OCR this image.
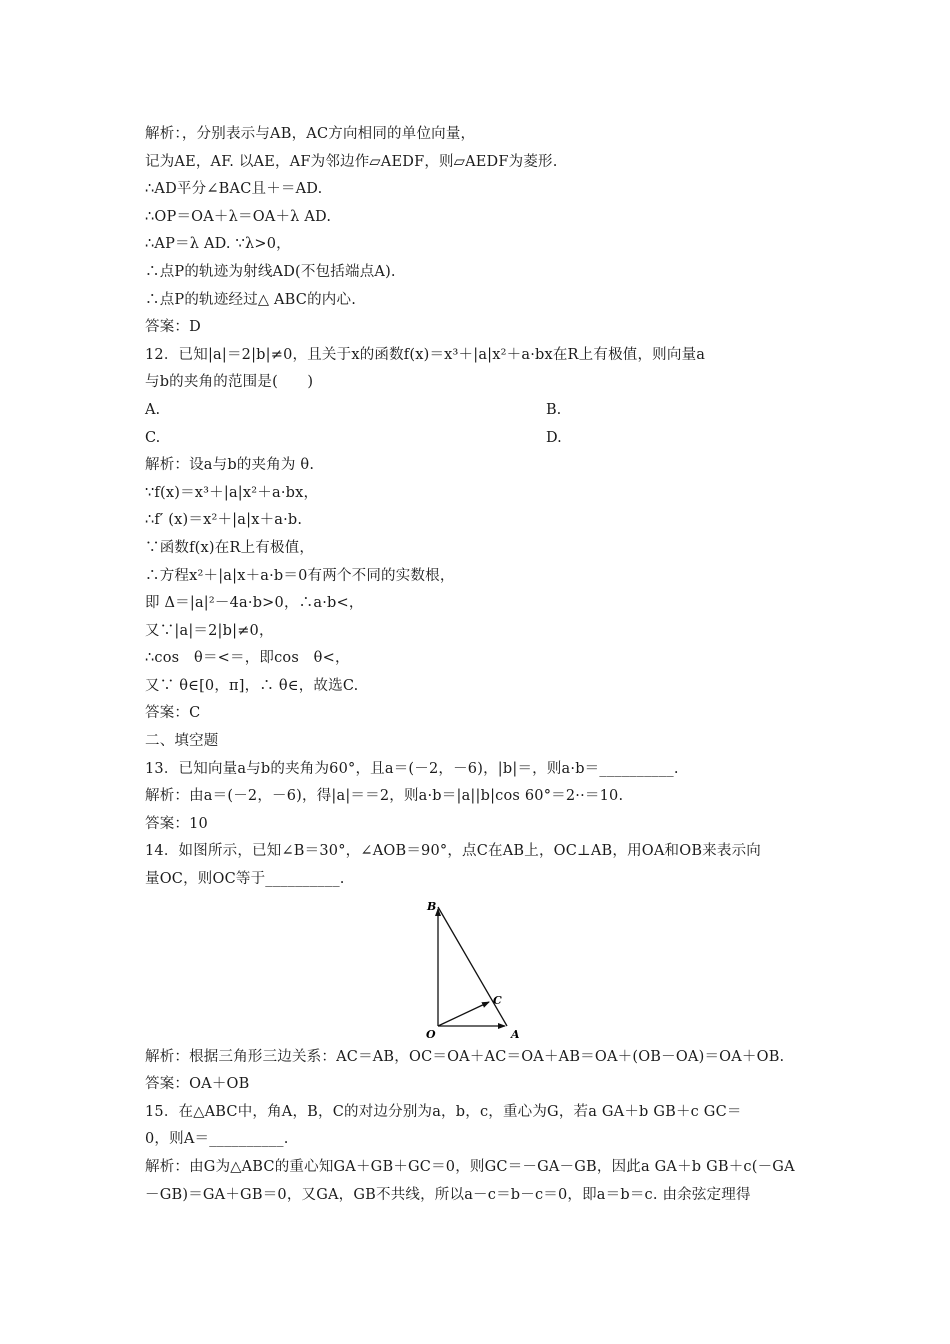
解析：，分别表示与AB，AC方向相同的单位向量，
记为AE，AF. 以AE，AF为邻边作▱AEDF，则▱AEDF为菱形.
∴AD平分∠BAC且＋＝AD.
∴OP＝OA＋λ＝OA＋λ AD.
∴AP＝λ AD. ∵λ>0，
∴点P的轨迹为射线AD(不包括端点A).
∴点P的轨迹经过△ ABC的内心.
答案：D
12．已知|a|＝2|b|≠0，且关于x的函数f(x)＝x³＋|a|x²＋a·bx在R上有极值，则向量a
与b的夹角的范围是(　　)
A.	B.
C.	D.
解析：设a与b的夹角为 θ.
∵f(x)＝x³＋|a|x²＋a·bx，
∴f′ (x)＝x²＋|a|x＋a·b.
∵函数f(x)在R上有极值，
∴方程x²＋|a|x＋a·b＝0有两个不同的实数根，
即 Δ＝|a|²－4a·b>0，∴a·b<，
又∵|a|＝2|b|≠0，
∴cos　θ＝<＝，即cos　θ<，
又∵ θ∈[0，π]，∴ θ∈，故选C.
答案：C
二、填空题
13．已知向量a与b的夹角为60°，且a＝(－2，－6)，|b|＝，则a·b＝__________.
解析：由a＝(－2，－6)，得|a|＝＝2，则a·b＝|a||b|cos 60°＝2··＝10.
答案：10
14．如图所示，已知∠B＝30°，∠AOB＝90°，点C在AB上，OC⊥AB，用OA和OB来表示向
量OC，则OC等于__________.
B
C
O	A
解析：根据三角形三边关系：AC＝AB，OC＝OA＋AC＝OA＋AB＝OA＋(OB－OA)＝OA＋OB.
答案：OA＋OB
15．在△ABC中，角A，B，C的对边分别为a，b，c，重心为G，若a GA＋b GB＋c GC＝
0，则A＝__________.
解析：由G为△ABC的重心知GA＋GB＋GC＝0，则GC＝－GA－GB，因此a GA＋b GB＋c(－GA
－GB)＝GA＋GB＝0，又GA，GB不共线，所以a－c＝b－c＝0，即a＝b＝c. 由余弦定理得
